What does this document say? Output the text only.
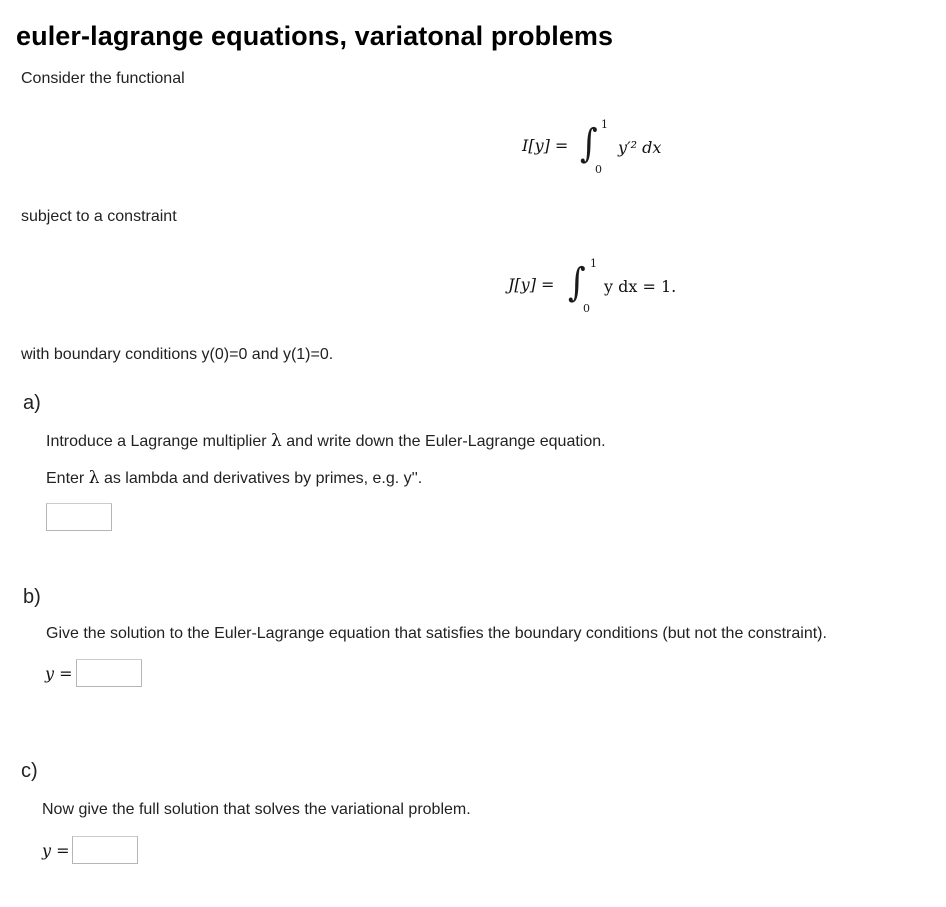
euler-lagrange equations, variatonal problems
Consider the functional
I[y] = ∫ 1
0
y′² dx
subject to a constraint
J[y] = ∫ 1
0
y dx = 1.
with boundary conditions y(0)=0 and y(1)=0.
a)
Introduce a Lagrange multiplier λ and write down the Euler-Lagrange equation.
Enter λ as lambda and derivatives by primes, e.g. y''.
b)
Give the solution to the Euler-Lagrange equation that satisfies the boundary conditions (but not the constraint).
y =
c)
Now give the full solution that solves the variational problem.
y =
